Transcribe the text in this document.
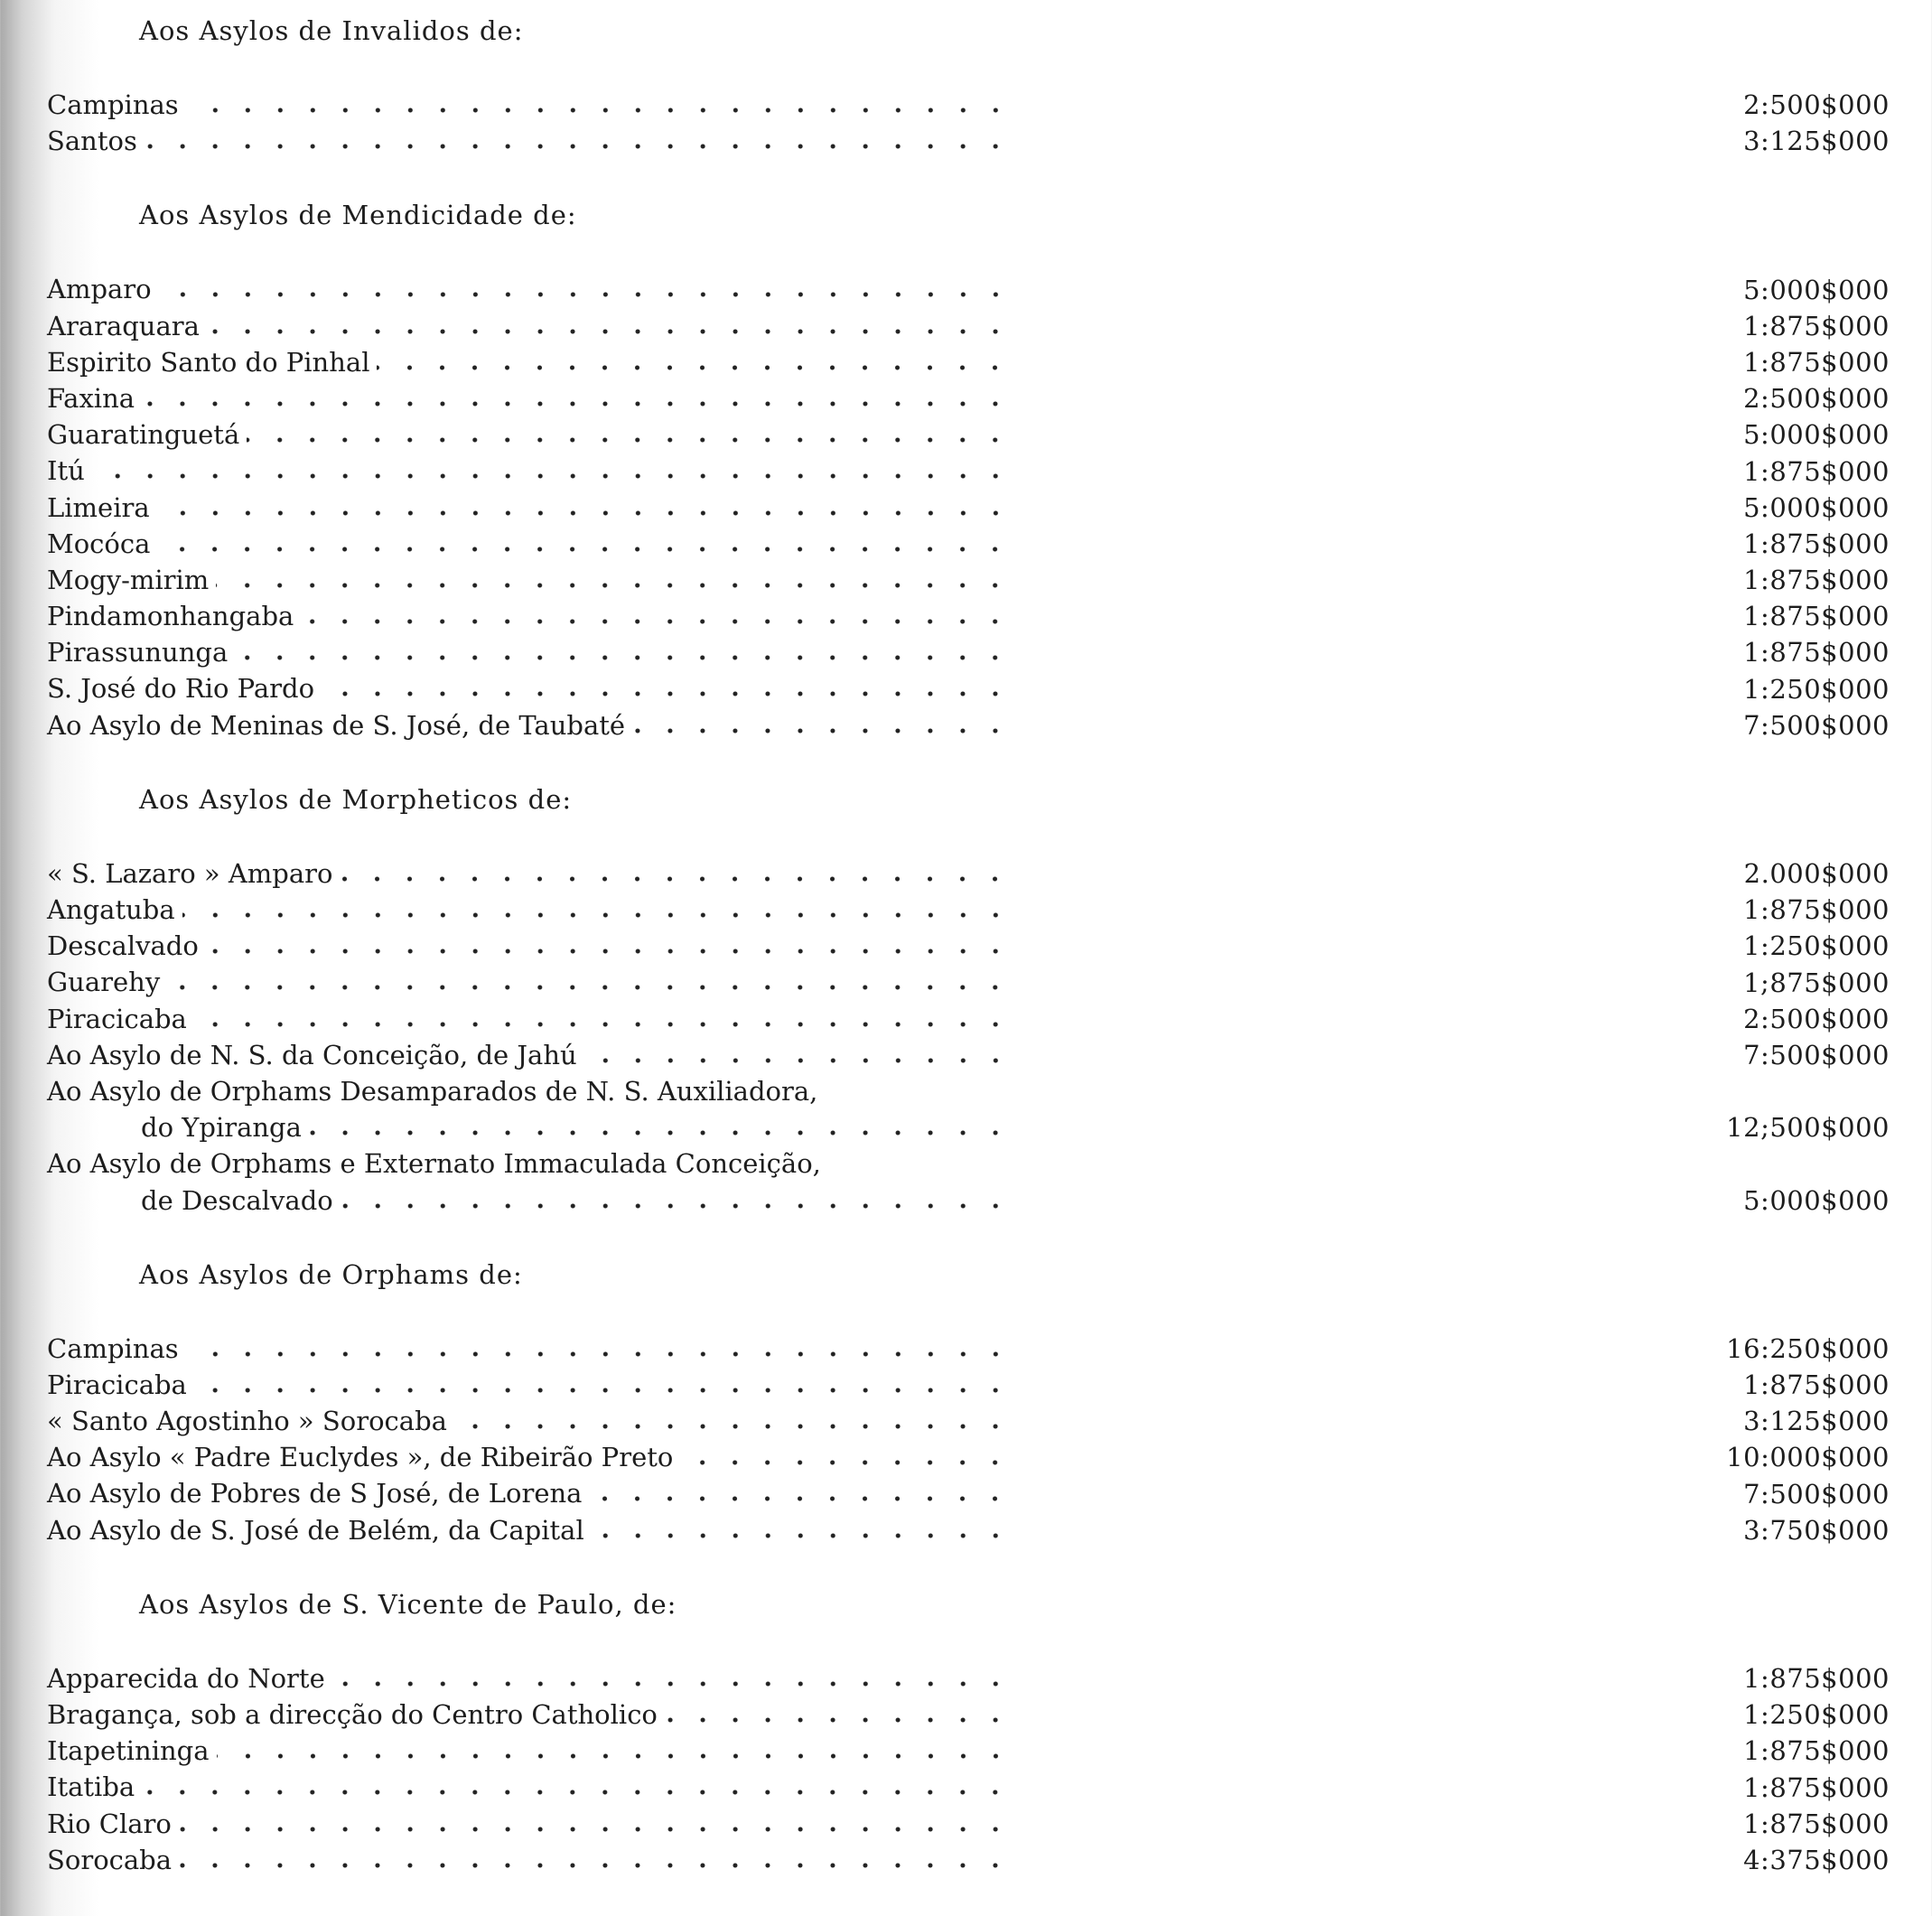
Aos Asylos de Invalidos de:
Campinas	2:500$000
Santos	3:125$000
Aos Asylos de Mendicidade de:
Amparo	5:000$000
Araraquara	1:875$000
Espirito Santo do Pinhal	1:875$000
Faxina	2:500$000
Guaratinguetá	5:000$000
Itú	1:875$000
Limeira	5:000$000
Mocóca	1:875$000
Mogy-mirim	1:875$000
Pindamonhangaba	1:875$000
Pirassununga	1:875$000
S. José do Rio Pardo	1:250$000
Ao Asylo de Meninas de S. José, de Taubaté	7:500$000
Aos Asylos de Morpheticos de:
« S. Lazaro » Amparo	2.000$000
Angatuba	1:875$000
Descalvado	1:250$000
Guarehy	1;875$000
Piracicaba	2:500$000
Ao Asylo de N. S. da Conceição, de Jahú	7:500$000
Ao Asylo de Orphams Desamparados de N. S. Auxiliadora,
do Ypiranga	12;500$000
Ao Asylo de Orphams e Externato Immaculada Conceição,
de Descalvado	5:000$000
Aos Asylos de Orphams de:
Campinas	16:250$000
Piracicaba	1:875$000
« Santo Agostinho » Sorocaba	3:125$000
Ao Asylo « Padre Euclydes », de Ribeirão Preto	10:000$000
Ao Asylo de Pobres de S José, de Lorena	7:500$000
Ao Asylo de S. José de Belém, da Capital	3:750$000
Aos Asylos de S. Vicente de Paulo, de:
Apparecida do Norte	1:875$000
Bragança, sob a direcção do Centro Catholico	1:250$000
Itapetininga	1:875$000
Itatiba	1:875$000
Rio Claro	1:875$000
Sorocaba	4:375$000
